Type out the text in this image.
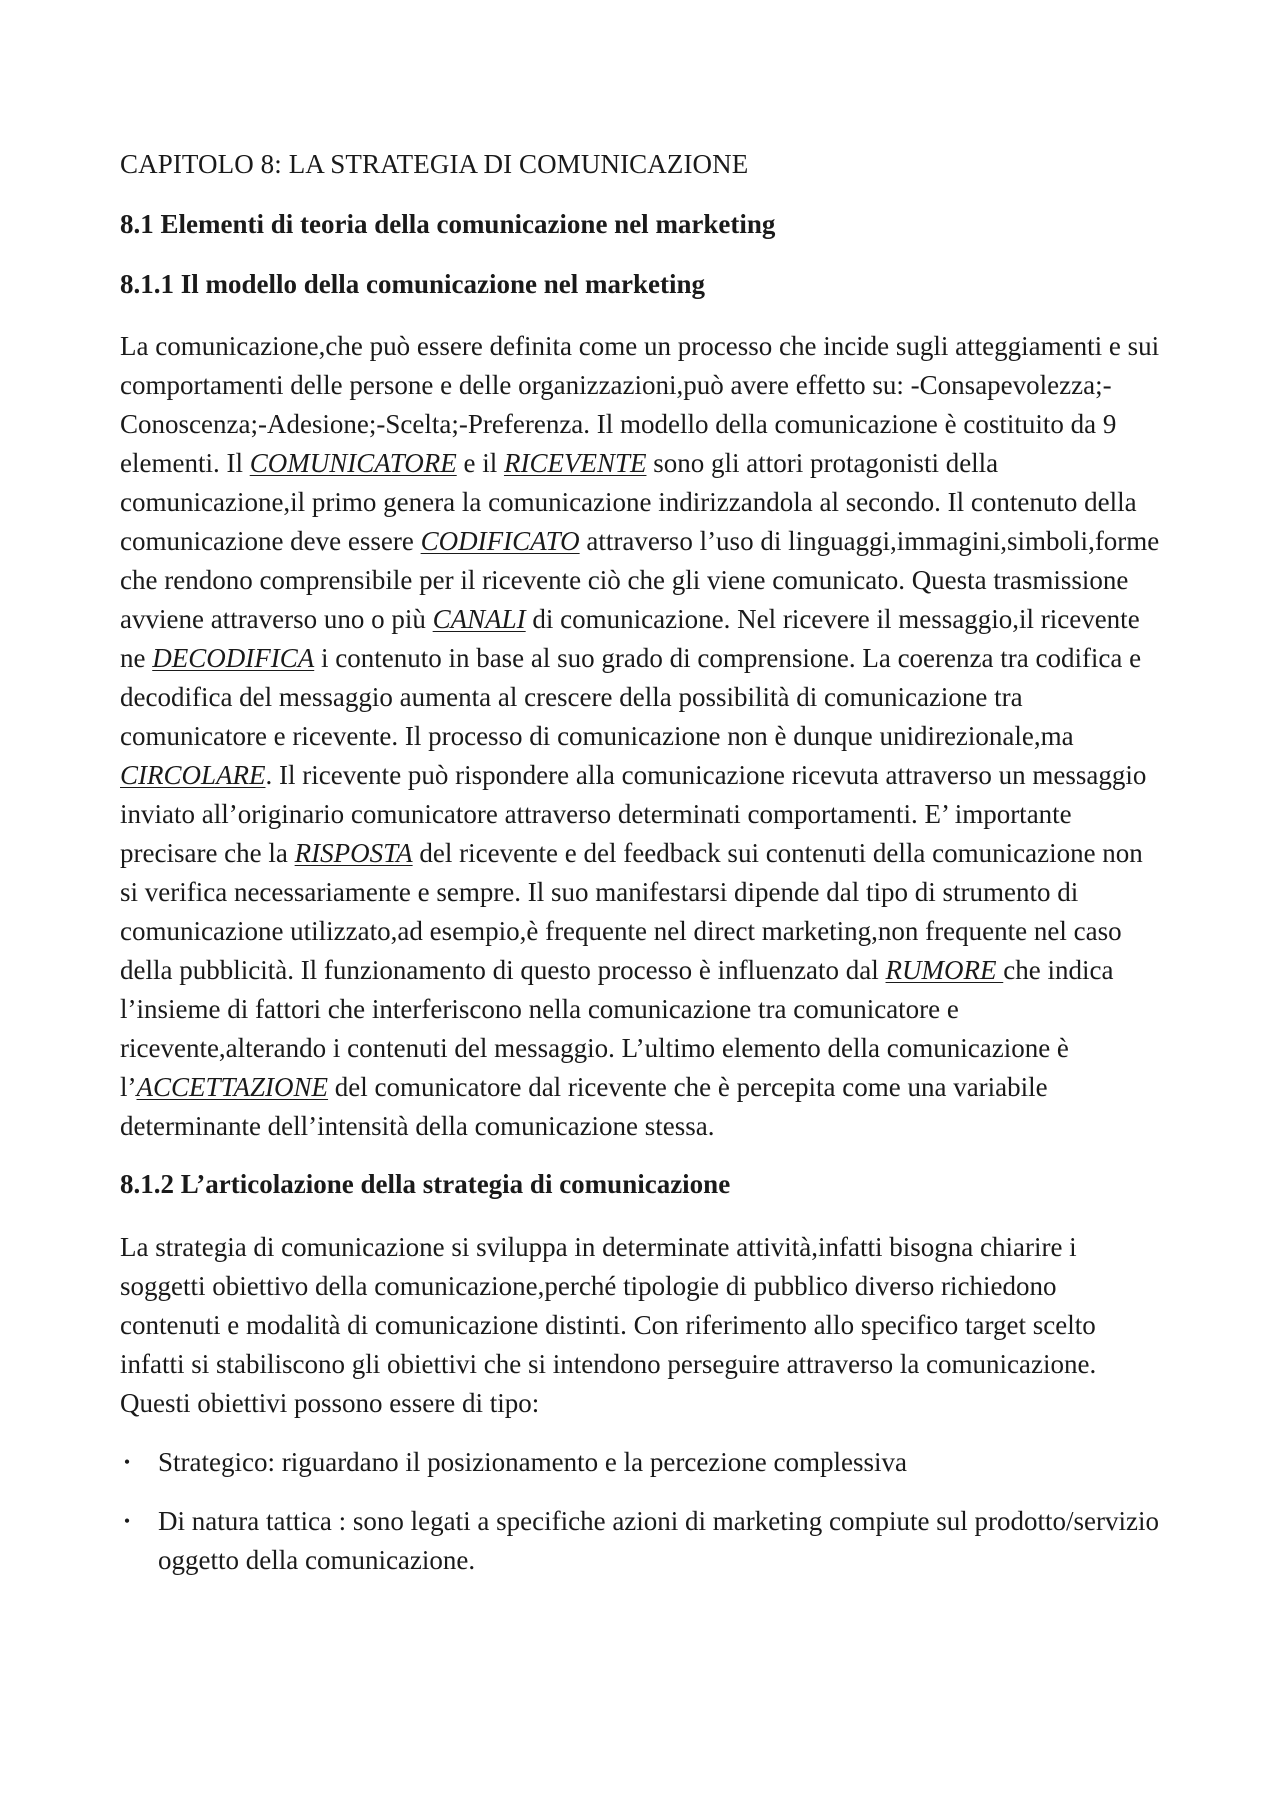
CAPITOLO 8: LA STRATEGIA DI COMUNICAZIONE
8.1 Elementi di teoria della comunicazione nel marketing
8.1.1 Il modello della comunicazione nel marketing

La comunicazione,che può essere definita come un processo che incide sugli atteggiamenti e sui comportamenti delle persone e delle organizzazioni,può avere effetto su: -Consapevolezza;-Conoscenza;-Adesione;-Scelta;-Preferenza. Il modello della comunicazione è costituito da 9 elementi. Il COMUNICATORE e il RICEVENTE sono gli attori protagonisti della comunicazione,il primo genera la comunicazione indirizzandola al secondo. Il contenuto della comunicazione deve essere CODIFICATO attraverso l’uso di linguaggi,immagini,simboli,forme che rendono comprensibile per il ricevente ciò che gli viene comunicato. Questa trasmissione avviene attraverso uno o più CANALI di comunicazione. Nel ricevere il messaggio,il ricevente ne DECODIFICA i contenuto in base al suo grado di comprensione. La coerenza tra codifica e decodifica del messaggio aumenta al crescere della possibilità di comunicazione tra comunicatore e ricevente. Il processo di comunicazione non è dunque unidirezionale,ma CIRCOLARE. Il ricevente può rispondere alla comunicazione ricevuta attraverso un messaggio inviato all’originario comunicatore attraverso determinati comportamenti. E’ importante precisare che la RISPOSTA del ricevente e del feedback sui contenuti della comunicazione non si verifica necessariamente e sempre. Il suo manifestarsi dipende dal tipo di strumento di comunicazione utilizzato,ad esempio,è frequente nel direct marketing,non frequente nel caso della pubblicità. Il funzionamento di questo processo è influenzato dal RUMORE che indica l’insieme di fattori che interferiscono nella comunicazione tra comunicatore e ricevente,alterando i contenuti del messaggio. L’ultimo elemento della comunicazione è l’ACCETTAZIONE del comunicatore dal ricevente che è percepita come una variabile determinante dell’intensità della comunicazione stessa.

8.1.2 L’articolazione della strategia di comunicazione

La strategia di comunicazione si sviluppa in determinate attività,infatti bisogna chiarire i soggetti obiettivo della comunicazione,perché tipologie di pubblico diverso richiedono contenuti e modalità di comunicazione distinti. Con riferimento allo specifico target scelto infatti si stabiliscono gli obiettivi che si intendono perseguire attraverso la comunicazione. Questi obiettivi possono essere di tipo:

• Strategico: riguardano il posizionamento e la percezione complessiva
• Di natura tattica : sono legati a specifiche azioni di marketing compiute sul prodotto/servizio oggetto della comunicazione.
